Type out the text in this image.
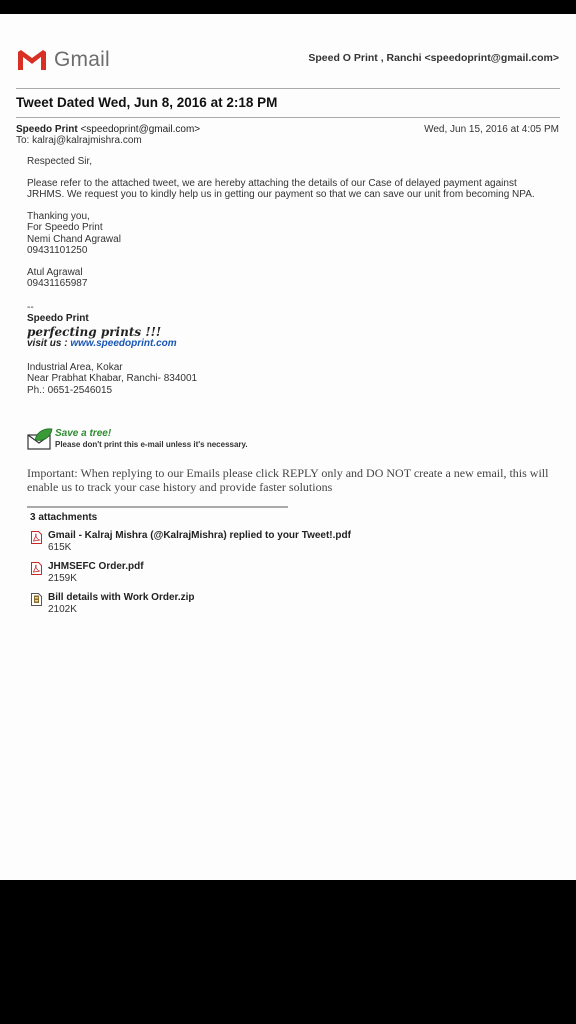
Gmail	Speed O Print , Ranchi <speedoprint@gmail.com>
Tweet Dated Wed, Jun 8, 2016 at 2:18 PM
Speedo Print <speedoprint@gmail.com>	Wed, Jun 15, 2016 at 4:05 PM
To: kalraj@kalrajmishra.com

Respected Sir,

Please refer to the attached tweet, we are hereby attaching the details of our Case of delayed payment against JRHMS. We request you to kindly help us in getting our payment so that we can save our unit from becoming NPA.

Thanking you,
For Speedo Print
Nemi Chand Agrawal
09431101250

Atul Agrawal
09431165987

--
Speedo Print
perfecting prints !!!
visit us : www.speedoprint.com

Industrial Area, Kokar
Near Prabhat Khabar, Ranchi- 834001
Ph.: 0651-2546015

Save a tree!
Please don't print this e-mail unless it's necessary.
Important: When replying to our Emails please click REPLY only and DO NOT create a new email, this will enable us to track your case history and provide faster solutions
3 attachments
Gmail - Kalraj Mishra (@KalrajMishra) replied to your Tweet!.pdf
615K
JHMSEFC Order.pdf
2159K
Bill details with Work Order.zip
2102K
